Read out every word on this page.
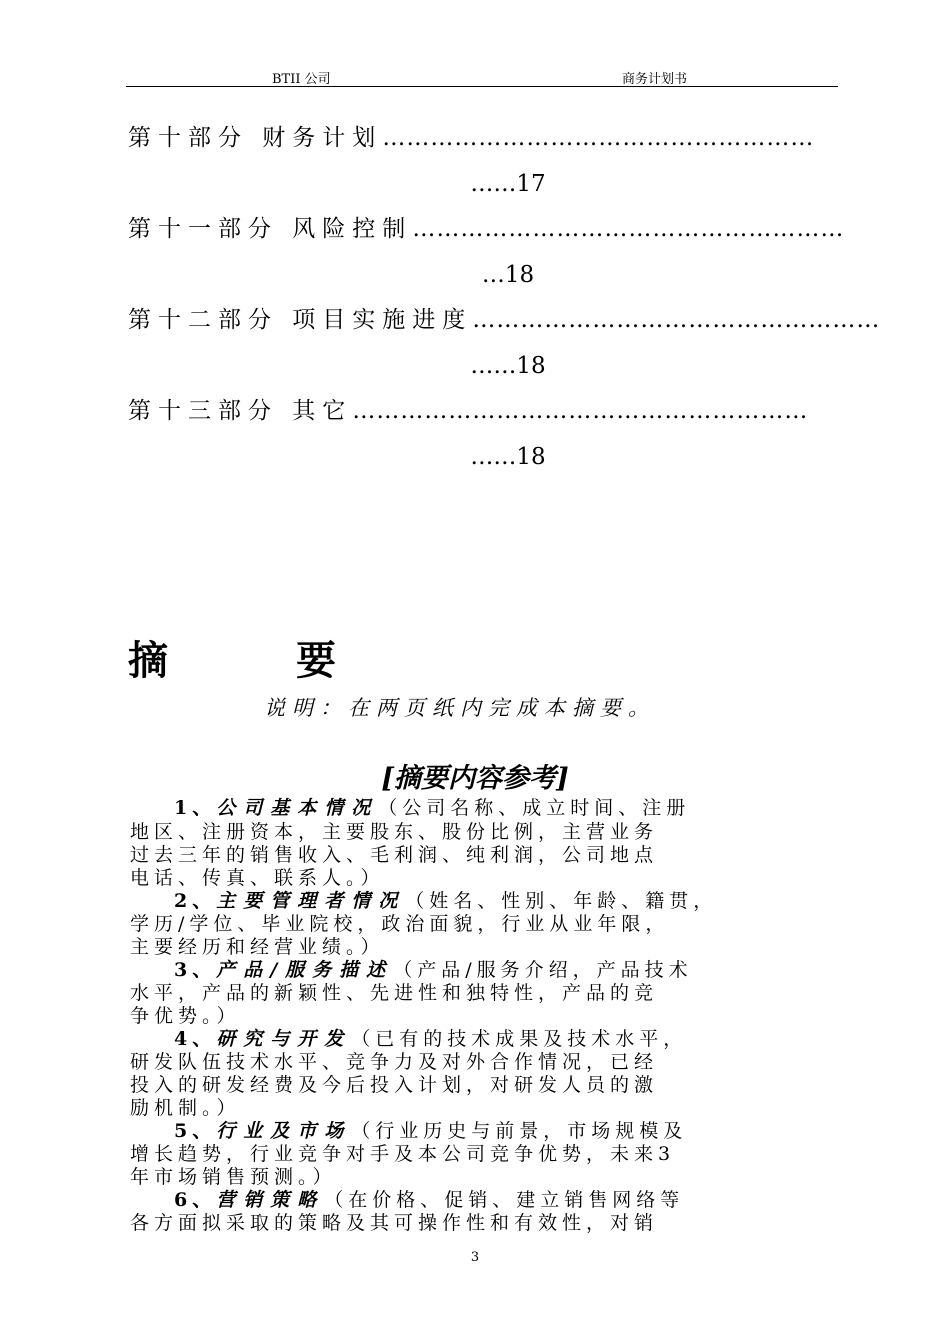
BTII 公司	商务计划书
第十部分 财务计划………………………………………………
……17
第十一部分 风险控制………………………………………………
…18
第十二部分 项目实施进度……………………………………………
……18
第十三部分 其它…………………………………………………
……18
摘要
说明：在两页纸内完成本摘要。
[摘要内容参考]
1、公司基本情况（公司名称、成立时间、注册
地区、注册资本，主要股东、股份比例，主营业务
过去三年的销售收入、毛利润、纯利润，公司地点
电话、传真、联系人。）
2、主要管理者情况（姓名、性别、年龄、籍贯，
学历/学位、毕业院校，政治面貌，行业从业年限，
主要经历和经营业绩。）
3、产品/服务描述（产品/服务介绍，产品技术
水平，产品的新颖性、先进性和独特性，产品的竞
争优势。）
4、研究与开发（已有的技术成果及技术水平，
研发队伍技术水平、竞争力及对外合作情况，已经
投入的研发经费及今后投入计划，对研发人员的激
励机制。）
5、行业及市场（行业历史与前景，市场规模及
增长趋势，行业竞争对手及本公司竞争优势，未来3
年市场销售预测。）
6、营销策略（在价格、促销、建立销售网络等
各方面拟采取的策略及其可操作性和有效性，对销
3
